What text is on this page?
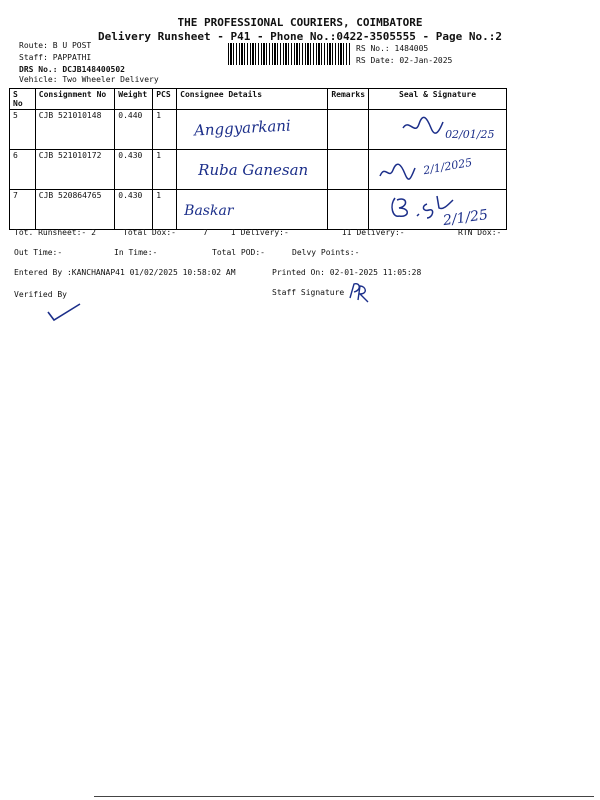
THE PROFESSIONAL COURIERS, COIMBATORE
Delivery Runsheet - P41 - Phone No.:0422-3505555 - Page No.:2
Route: B U POST
Staff: PAPPATHI
DRS No.: DCJB148400502
Vehicle: Two Wheeler Delivery
RS No.: 1484005
RS Date: 02-Jan-2025
S No	Consignment No	Weight	PCS	Consignee Details	Remarks	Seal & Signature
5	CJB 521010148	0.440	1	Anggyarkani		02/01/25

6	CJB 521010172	0.430	1	Ruba Ganesan		2/1/2025

7	CJB 520864765	0.430	1	Baskar		2/1/25
Tot. Runsheet:- 2	Total Dox:-	7	I Delivery:-	II Delivery:-	RTN Dox:-
Out Time:-	In Time:-	Total POD:-	Delvy Points:-
Entered By :KANCHANAP41 01/02/2025 10:58:02 AM	Printed On: 02-01-2025 11:05:28
Verified By	Staff Signature
